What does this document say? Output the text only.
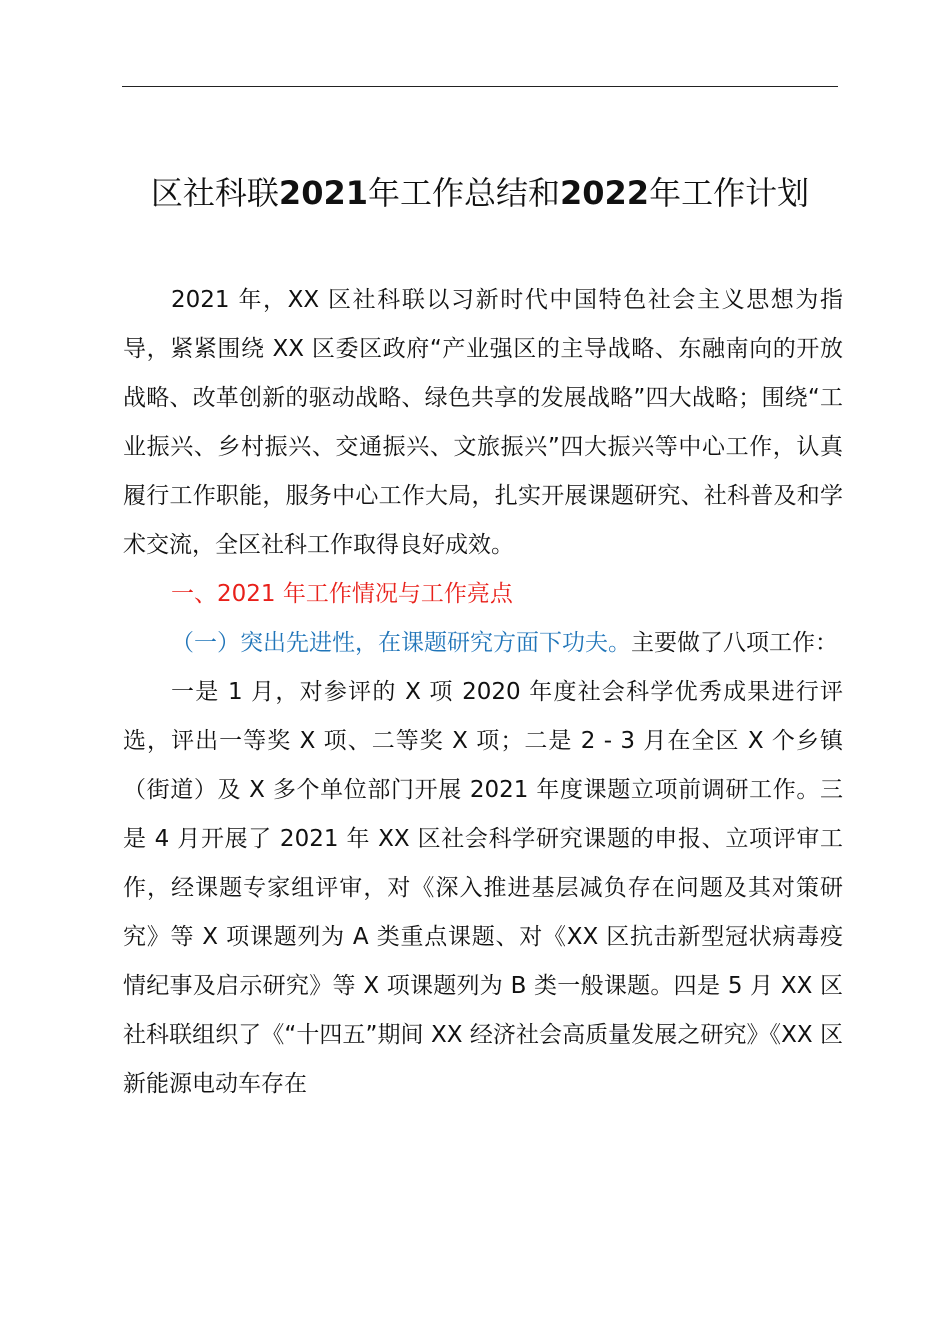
区社科联2021年工作总结和2022年工作计划

2021 年，XX 区社科联以习新时代中国特色社会主义思想为指导，紧紧围绕 XX 区委区政府“产业强区的主导战略、东融南向的开放战略、改革创新的驱动战略、绿色共享的发展战略”四大战略；围绕“工业振兴、乡村振兴、交通振兴、文旅振兴”四大振兴等中心工作，认真履行工作职能，服务中心工作大局，扎实开展课题研究、社科普及和学术交流，全区社科工作取得良好成效。

一、2021 年工作情况与工作亮点

（一）突出先进性，在课题研究方面下功夫。主要做了八项工作：

一是 1 月，对参评的 X 项 2020 年度社会科学优秀成果进行评选，评出一等奖 X 项、二等奖 X 项；二是 2 - 3 月在全区 X 个乡镇（街道）及 X 多个单位部门开展 2021 年度课题立项前调研工作。三是 4 月开展了 2021 年 XX 区社会科学研究课题的申报、立项评审工作，经课题专家组评审，对《深入推进基层减负存在问题及其对策研究》等 X 项课题列为 A 类重点课题、对《XX 区抗击新型冠状病毒疫情纪事及启示研究》等 X 项课题列为 B 类一般课题。四是 5 月 XX 区社科联组织了《“十四五”期间 XX 经济社会高质量发展之研究》《XX 区新能源电动车存在
